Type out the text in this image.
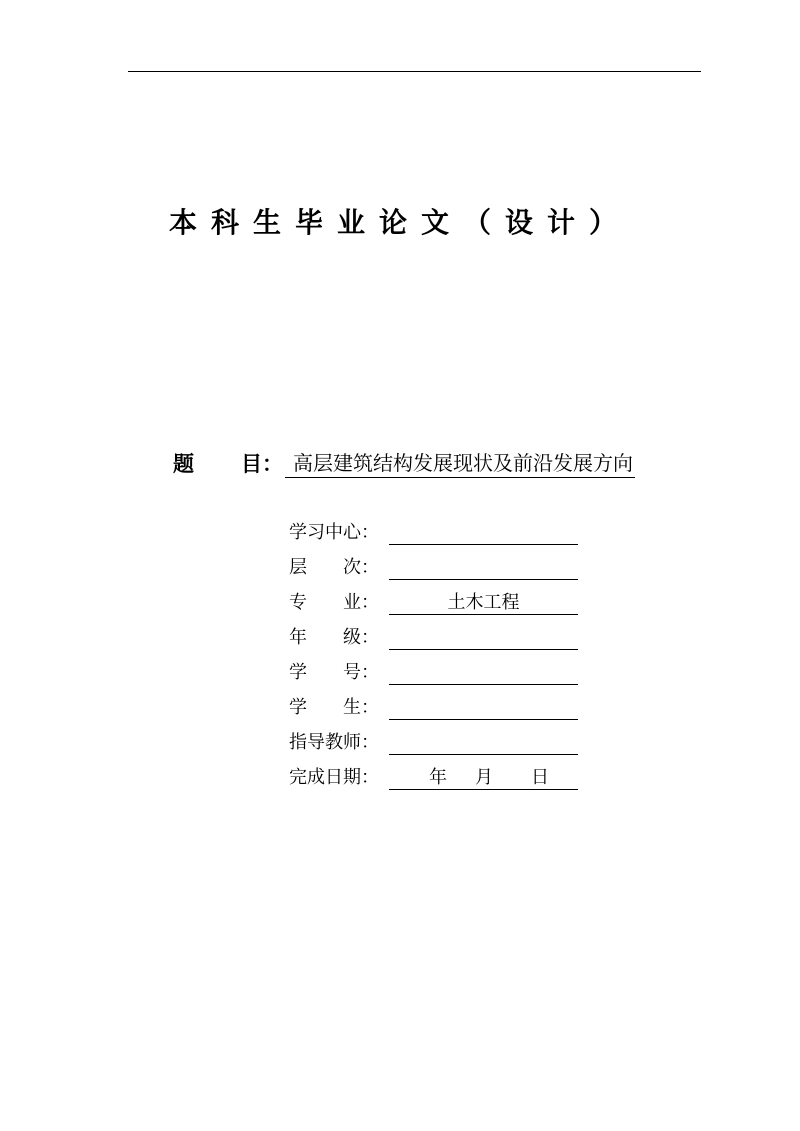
本科生毕业论文（设计）
题	目： 高层建筑结构发展现状及前沿发展方向
学习中心：
层　　次：
专　　业：	土木工程
年　　级：
学　　号：
学　　生：
指导教师：
完成日期：	年 月 日
